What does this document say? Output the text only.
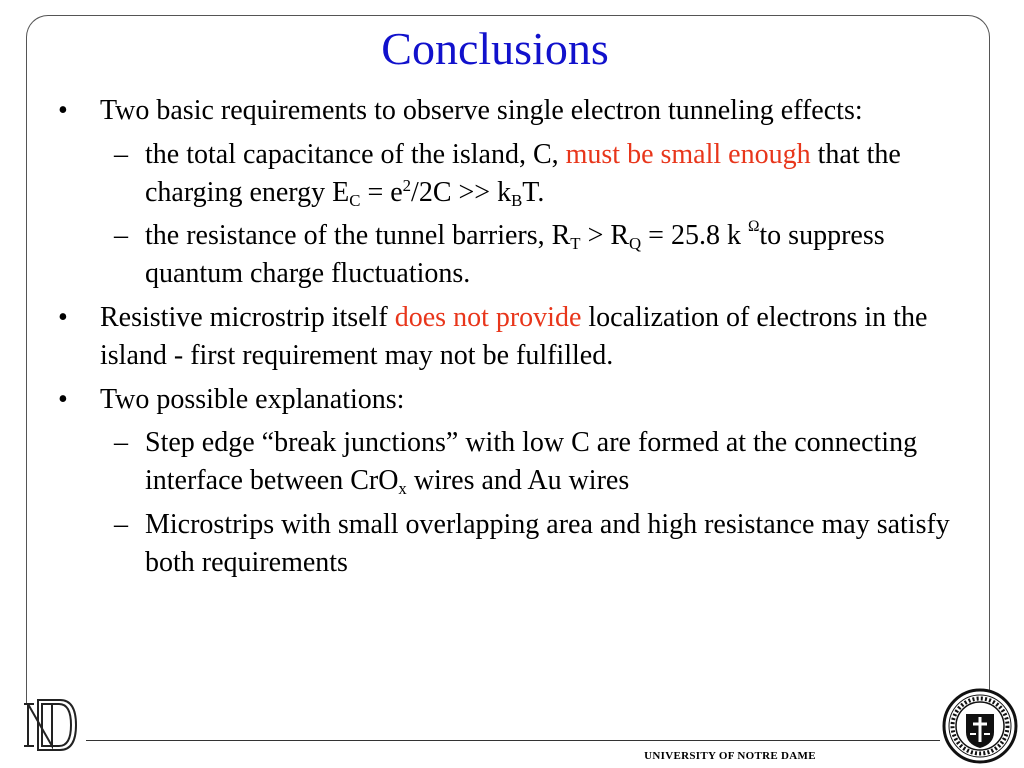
Conclusions

• Two basic requirements to observe single electron tunneling effects:

– the total capacitance of the island, C, must be small enough that the charging energy $E_C = e^2/2C >> k_BT$.

– the resistance of the tunnel barriers, $R_T > R_Q = 25.8$ k $^\Omega$to suppress quantum charge fluctuations.

• Resistive microstrip itself does not provide localization of electrons in the island - first requirement may not be fulfilled.

• Two possible explanations:

– Step edge “break junctions” with low C are formed at the connecting interface between CrO$_x$ wires and Au wires

– Microstrips with small overlapping area and high resistance may satisfy both requirements

UNIVERSITY OF NOTRE DAME
